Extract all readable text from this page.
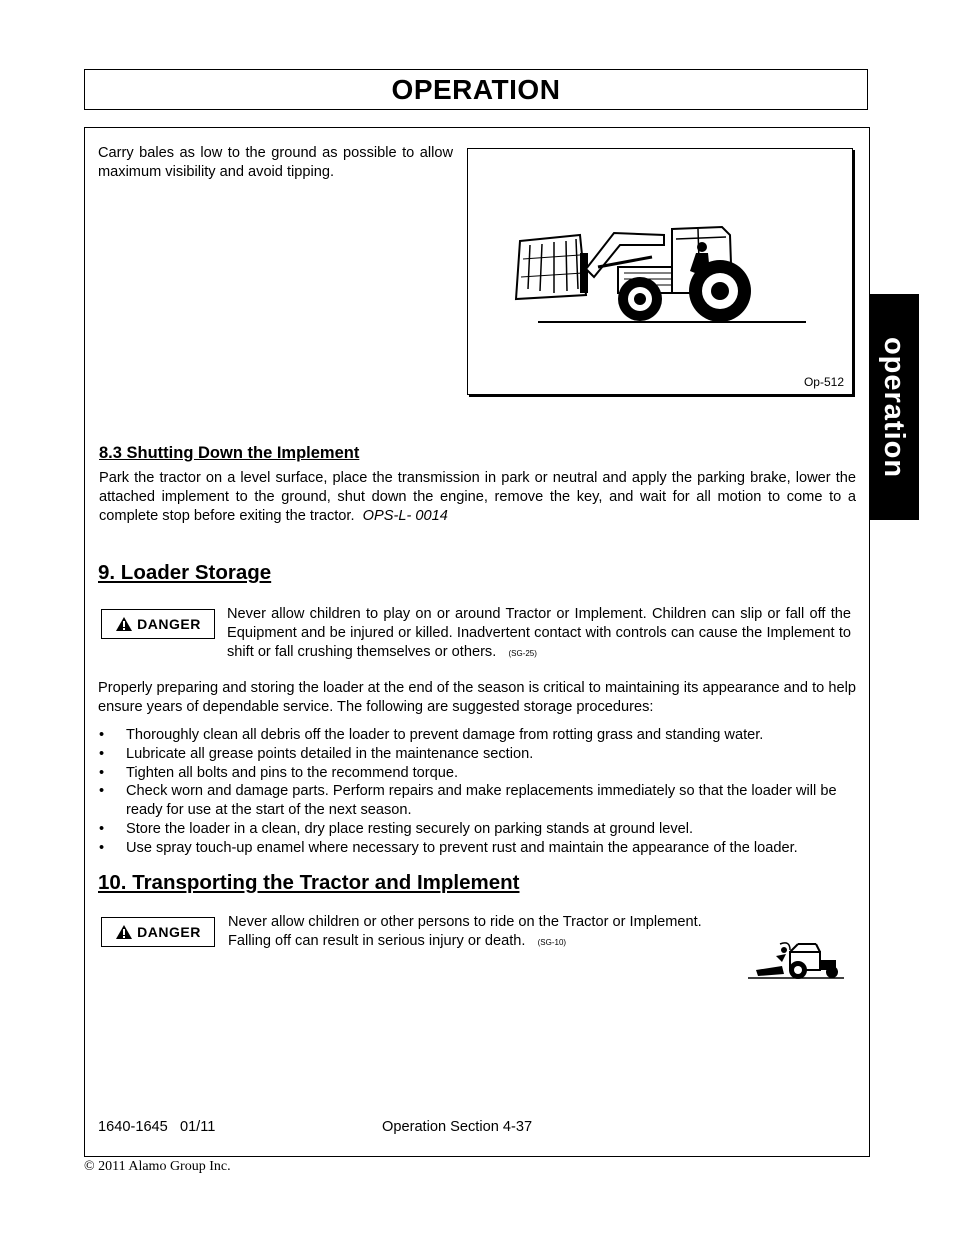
OPERATION
operation

Carry bales as low to the ground as possible to allow maximum visibility and avoid tipping.

Op-512
8.3 Shutting Down the Implement

Park the tractor on a level surface, place the transmission in park or neutral and apply the parking brake, lower the attached implement to the ground, shut down the engine, remove the key, and wait for all motion to come to a complete stop before exiting the tractor. OPS-L- 0014

9. Loader Storage
DANGER

Never allow children to play on or around Tractor or Implement. Children can slip or fall off the Equipment and be injured or killed. Inadvertent contact with controls can cause the Implement to shift or fall crushing themselves or others. (SG-25)

Properly preparing and storing the loader at the end of the season is critical to maintaining its appearance and to help ensure years of dependable service. The following are suggested storage procedures:

• Thoroughly clean all debris off the loader to prevent damage from rotting grass and standing water.
• Lubricate all grease points detailed in the maintenance section.
• Tighten all bolts and pins to the recommend torque.
• Check worn and damage parts. Perform repairs and make replacements immediately so that the loader will be ready for use at the start of the next season.
• Store the loader in a clean, dry place resting securely on parking stands at ground level.
• Use spray touch-up enamel where necessary to prevent rust and maintain the appearance of the loader.
10. Transporting the Tractor and Implement
DANGER
Never allow children or other persons to ride on the Tractor or Implement.
Falling off can result in serious injury or death. (SG-10)
1640-1645   01/11	Operation Section 4-37
© 2011 Alamo Group Inc.
